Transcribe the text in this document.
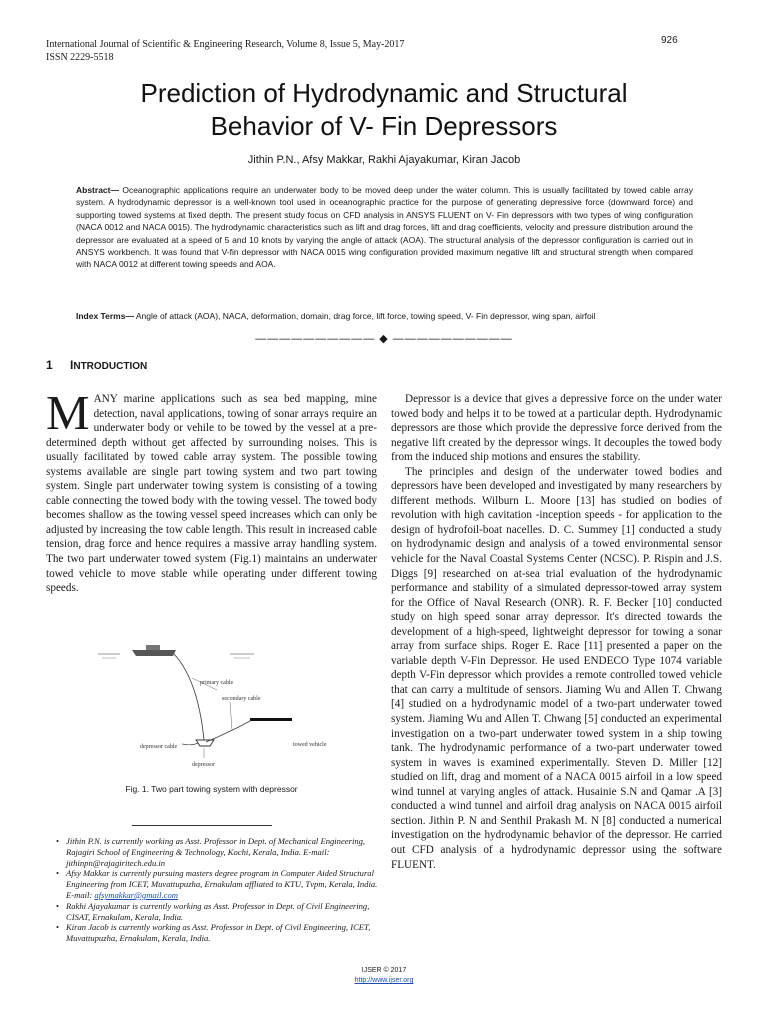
International Journal of Scientific & Engineering Research, Volume 8, Issue 5, May-2017
ISSN 2229-5518
926
Prediction of Hydrodynamic and Structural
Behavior of V- Fin Depressors
Jithin P.N., Afsy Makkar, Rakhi Ajayakumar, Kiran Jacob
Abstract— Oceanographic applications require an underwater body to be moved deep under the water column. This is usually facilitated by towed cable array system. A hydrodynamic depressor is a well-known tool used in oceanographic practice for the purpose of generating depressive force (downward force) and supporting towed systems at fixed depth. The present study focus on CFD analysis in ANSYS FLUENT on V- Fin depressors with two types of wing configuration (NACA 0012 and NACA 0015). The hydrodynamic characteristics such as lift and drag forces, lift and drag coefficients, velocity and pressure distribution around the depressor are evaluated at a speed of 5 and 10 knots by varying the angle of attack (AOA). The structural analysis of the depressor configuration is carried out in ANSYS workbench. It was found that V-fin depressor with NACA 0015 wing configuration provided maximum negative lift and structural strength when compared with NACA 0012 at different towing speeds and AOA.
Index Terms— Angle of attack (AOA), NACA, deformation, domain, drag force, lift force, towing speed, V- Fin depressor, wing span, airfoil
—————————— ◆ ——————————
1 INTRODUCTION

MANY marine applications such as sea bed mapping, mine detection, naval applications, towing of sonar arrays require an underwater body or vehile to be towed by the vessel at a pre- determined depth without get affected by surrounding noises. This is usually facilitated by towed cable array system. The possible towing systems available are single part towing system and two part towing system. Single part underwater towing system is consisting of a towing cable connecting the towed body with the towing vessel. The towed body becomes shallow as the towing vessel speed increases which can only be adjusted by increasing the tow cable length. This result in increased cable tension, drag force and hence requires a massive array handling system. The two part underwater towed system (Fig.1) maintains an underwater towed vehicle to move stable while operating under different towing speeds.

primary cable
secondary cable
depressor cable	towed vehicle
depressor
Fig. 1. Two part towing system with depressor
• Jithin P.N. is currently working as Asst. Professor in Dept. of Mechanical Engineering, Rajagiri School of Engineering & Technology, Kochi, Kerala, India. E-mail: jithinpn@rajagiritech.edu.in
• Afsy Makkar is currently pursuing masters degree program in Computer Aided Structural Engineering from ICET, Muvattupuzha, Ernakulam affliated to KTU, Tvpm, Kerala, India. E-mail: afsymakkar@gmail.com
• Rakhi Ajayakumar is currently working as Asst. Professor in Dept. of Civil Engineering, CISAT, Ernakulam, Kerala, India.
• Kiran Jacob is currently working as Asst. Professor in Dept. of Civil Engineering, ICET, Muvattupuzha, Ernakulam, Kerala, India.

Depressor is a device that gives a depressive force on the under water towed body and helps it to be towed at a particular depth. Hydrodynamic depressors are those which provide the depressive force derived from the negative lift created by the depressor wings. It decouples the towed body from the induced ship motions and ensures the stability.

The principles and design of the underwater towed bodies and depressors have been developed and investigated by many researchers by different methods. Wilburn L. Moore [13] has studied on bodies of revolution with high cavitation -inception speeds - for application to the design of hydrofoil-boat nacelles. D. C. Summey [1] conducted a study on hydrodynamic design and analysis of a towed environmental sensor vehicle for the Naval Coastal Systems Center (NCSC). P. Rispin and J.S. Diggs [9] researched on at-sea trial evaluation of the hydrodynamic performance and stability of a simulated depressor-towed array system for the Office of Naval Research (ONR). R. F. Becker [10] conducted study on high speed sonar array depressor. It's directed towards the development of a high-speed, lightweight depressor for towing a sonar array from surface ships. Roger E. Race [11] presented a paper on the variable depth V-Fin Depressor. He used ENDECO Type 1074 variable depth V-Fin depressor which provides a remote controlled towed vehicle that can carry a multitude of sensors. Jiaming Wu and Allen T. Chwang [4] studied on a hydrodynamic model of a two-part underwater towed system. Jiaming Wu and Allen T. Chwang [5] conducted an experimental investigation on a two-part underwater towed system in a ship towing tank. The hydrodynamic performance of a two-part underwater towed system in waves is examined experimentally. Steven D. Miller [12] studied on lift, drag and moment of a NACA 0015 airfoil in a low speed wind tunnel at varying angles of attack. Husainie S.N and Qamar .A [3] conducted a wind tunnel and airfoil drag analysis on NACA 0015 airfoil section. Jithin P. N and Senthil Prakash M. N [8] conducted a numerical investigation on the hydrodynamic behavior of the depressor. He carried out CFD analysis of a hydrodynamic depressor using the software FLUENT.

IJSER © 2017
http://www.ijser.org
